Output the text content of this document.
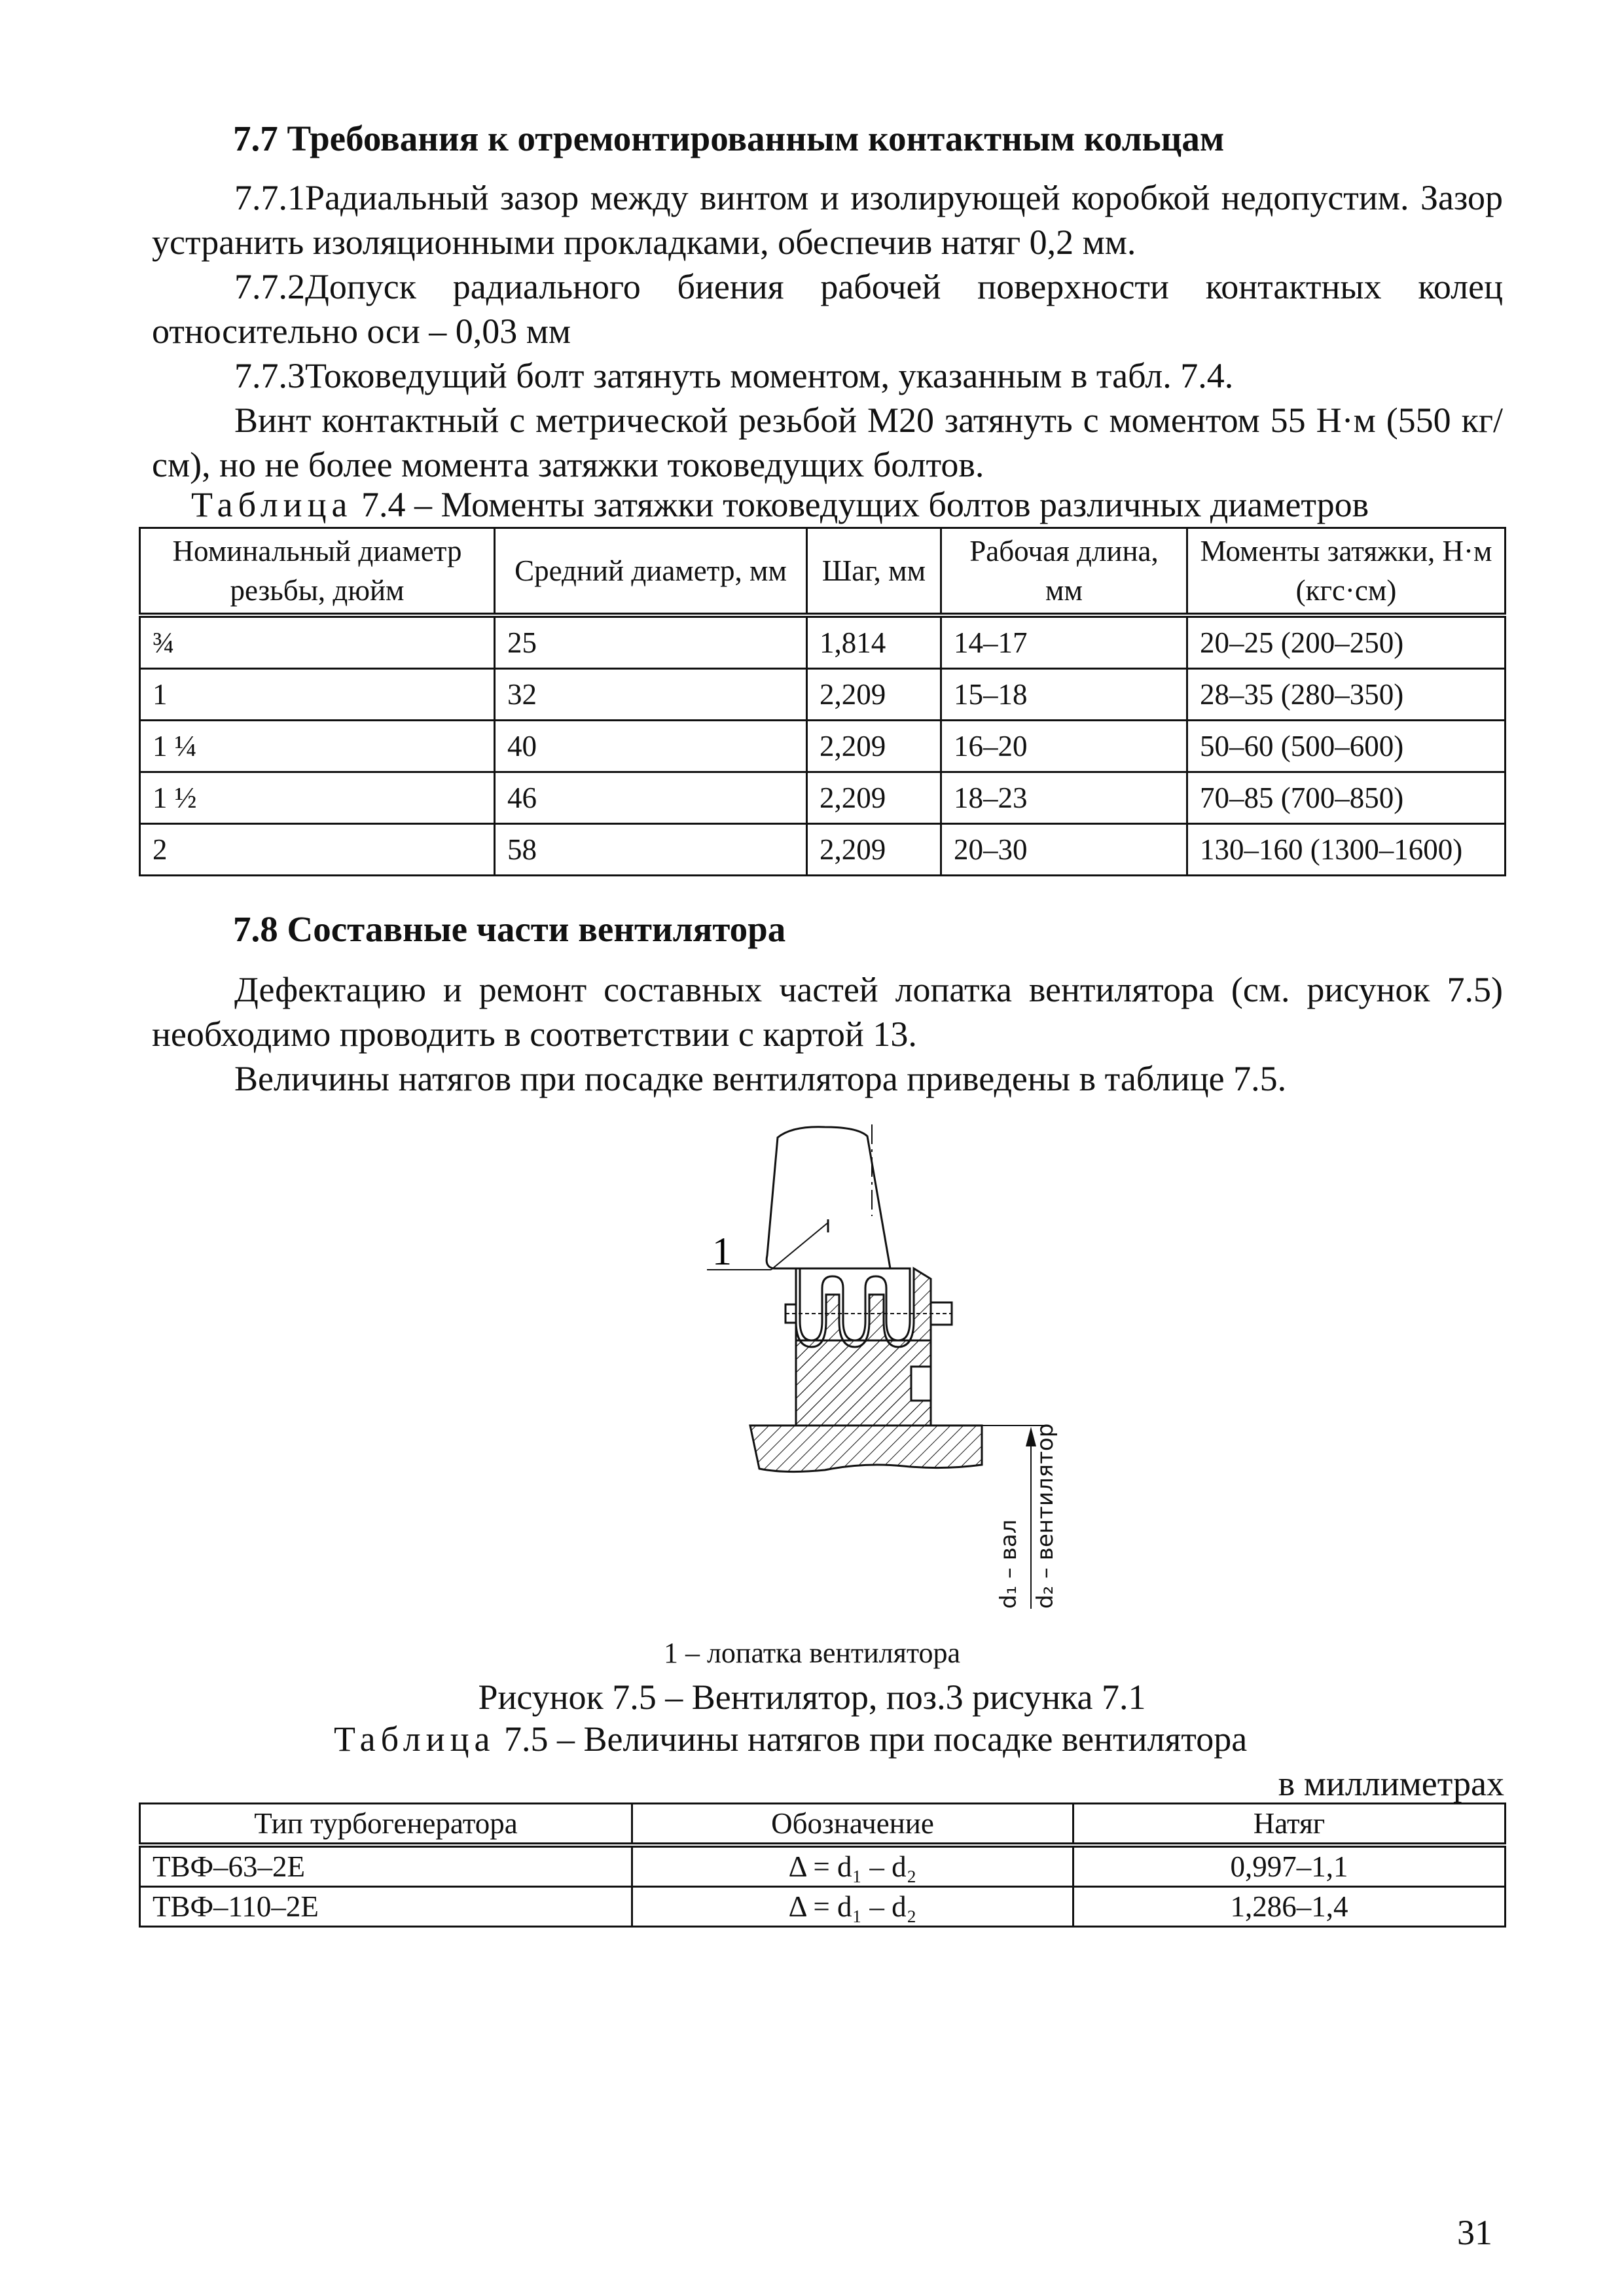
7.7 Требования к отремонтированным контактным кольцам
7.7.1Радиальный зазор между винтом и изолирующей коробкой недопустим. Зазор устранить изоляционными прокладками, обеспечив натяг 0,2 мм.
7.7.2Допуск радиального биения рабочей поверхности контактных колец относительно оси – 0,03 мм
7.7.3Токоведущий болт затянуть моментом, указанным в табл. 7.4.
Винт контактный с метрической резьбой М20 затянуть с моментом 55 Н·м (550 кг/см), но не более момента затяжки токоведущих болтов.
Таблица 7.4 – Моменты затяжки токоведущих болтов различных диаметров
Номинальный диаметр резьбы, дюйм	Средний диаметр, мм	Шаг, мм	Рабочая длина, мм	Моменты затяжки, Н·м (кгс·см)
¾	25	1,814	14–17	20–25 (200–250)
1	32	2,209	15–18	28–35 (280–350)
1 ¼	40	2,209	16–20	50–60 (500–600)
1 ½	46	2,209	18–23	70–85 (700–850)
2	58	2,209	20–30	130–160 (1300–1600)
7.8 Составные части вентилятора
Дефектацию и ремонт составных частей лопатка вентилятора (см. рисунок 7.5) необходимо проводить в соответствии с картой 13.
Величины натягов при посадке вентилятора приведены в таблице 7.5.
1
d₁ – вал d₂ – вентилятор
1 – лопатка вентилятора
Рисунок 7.5 – Вентилятор, поз.3 рисунка 7.1
Таблица 7.5 – Величины натягов при посадке вентилятора
в миллиметрах
Тип турбогенератора	Обозначение	Натяг
ТВФ–63–2Е	Δ = d₁ – d₂	0,997–1,1
ТВФ–110–2Е	Δ = d₁ – d₂	1,286–1,4
31
